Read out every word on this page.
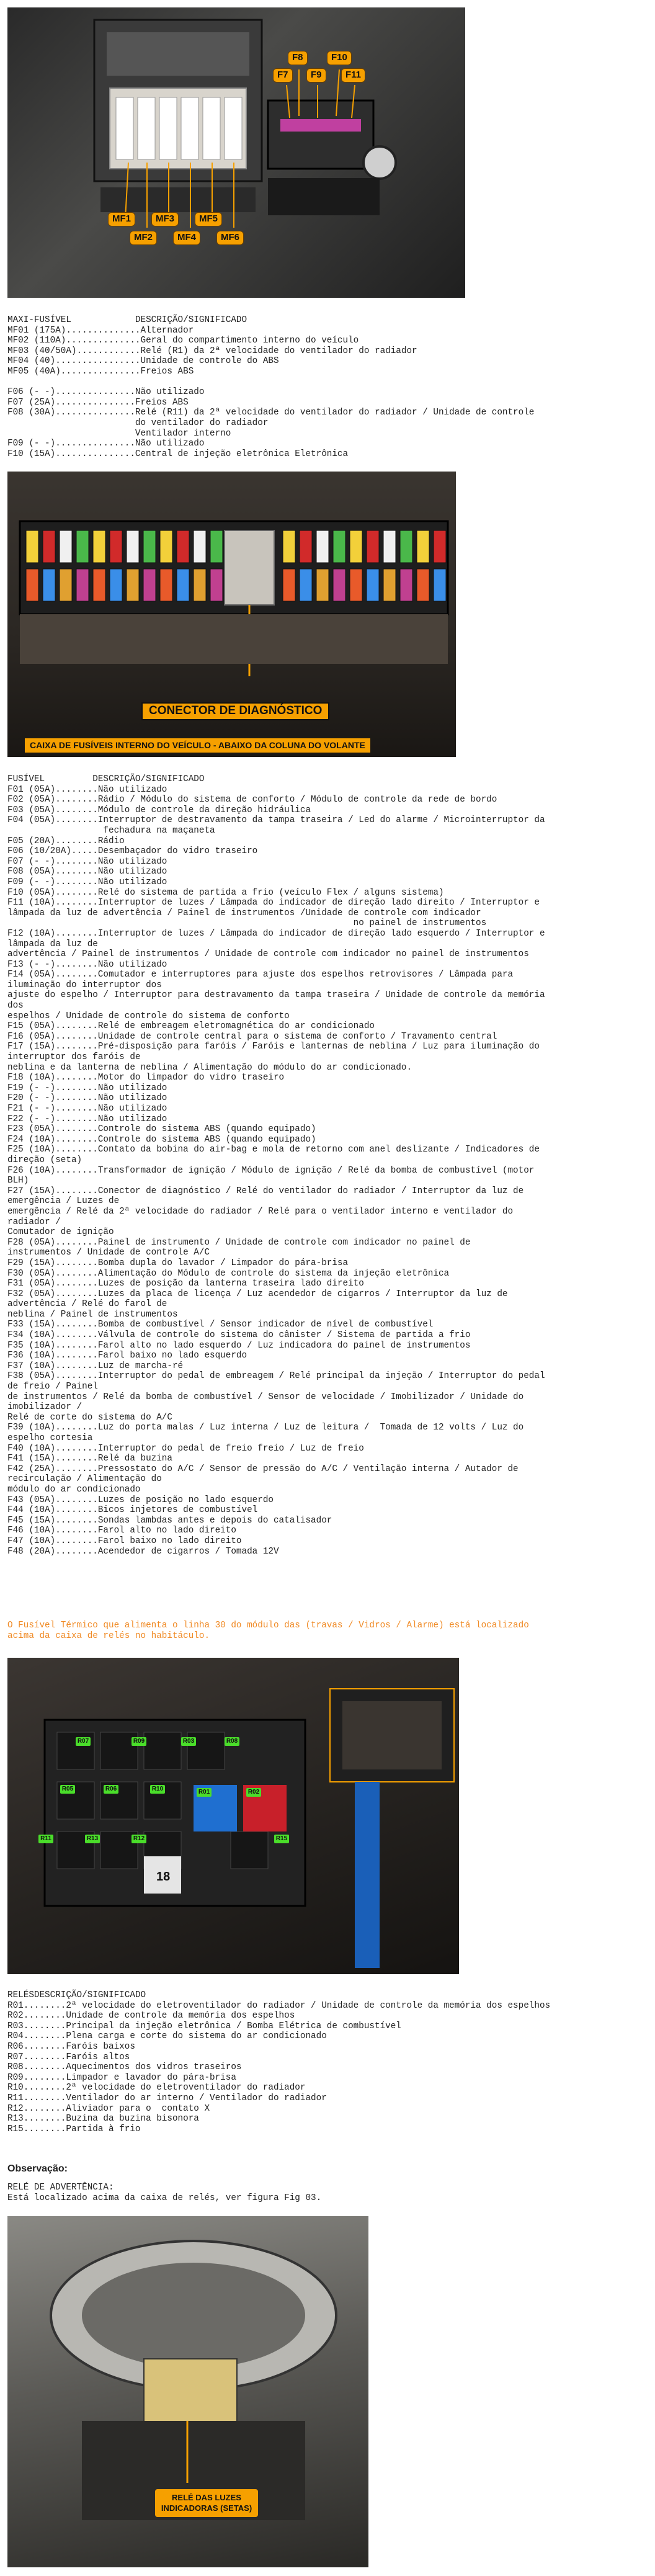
F8	F10
F7	F9	F11
MF1	MF3	MF5
MF2	MF4	MF6
MAXI-FUSÍVEL            DESCRIÇÃO/SIGNIFICADO
MF01 (175A)..............Alternador
MF02 (110A)..............Geral do compartimento interno do veículo
MF03 (40/50A)............Relé (R1) da 2ª velocidade do ventilador do radiador
MF04 (40)................Unidade de controle do ABS
MF05 (40A)...............Freios ABS

F06 (- -)...............Não utilizado
F07 (25A)...............Freios ABS
F08 (30A)...............Relé (R11) da 2ª velocidade do ventilador do radiador / Unidade de controle
do ventilador do radiador
Ventilador interno
F09 (- -)...............Não utilizado
F10 (15A)...............Central de injeção eletrônica Eletrônica
CONECTOR DE DIAGNÓSTICO
CAIXA DE FUSÍVEIS INTERNO DO VEÍCULO - ABAIXO DA COLUNA DO VOLANTE
FUSÍVEL         DESCRIÇÃO/SIGNIFICADO
F01 (05A)........Não utilizado
F02 (05A)........Rádio / Módulo do sistema de conforto / Módulo de controle da rede de bordo
F03 (05A)........Módulo de controle da direção hidráulica
F04 (05A)........Interruptor de destravamento da tampa traseira / Led do alarme / Microinterruptor da
fechadura na maçaneta
F05 (20A)........Rádio
F06 (10/20A).....Desembaçador do vidro traseiro
F07 (- -)........Não utilizado
F08 (05A)........Não utilizado
F09 (- -)........Não utilizado
F10 (05A)........Relé do sistema de partida a frio (veículo Flex / alguns sistema)
F11 (10A)........Interruptor de luzes / Lâmpada do indicador de direção lado direito / Interruptor e
lâmpada da luz de advertência / Painel de instrumentos /Unidade de controle com indicador
no painel de instrumentos
F12 (10A)........Interruptor de luzes / Lâmpada do indicador de direção lado esquerdo / Interruptor e
lâmpada da luz de
advertência / Painel de instrumentos / Unidade de controle com indicador no painel de instrumentos
F13 (- -)........Não utilizado
F14 (05A)........Comutador e interruptores para ajuste dos espelhos retrovisores / Lâmpada para
iluminação do interruptor dos
ajuste do espelho / Interruptor para destravamento da tampa traseira / Unidade de controle da memória
dos
espelhos / Unidade de controle do sistema de conforto
F15 (05A)........Relé de embreagem eletromagnética do ar condicionado
F16 (05A)........Unidade de controle central para o sistema de conforto / Travamento central
F17 (15A)........Pré-disposição para faróis / Faróis e lanternas de neblina / Luz para iluminação do
interruptor dos faróis de
neblina e da lanterna de neblina / Alimentação do módulo do ar condicionado.
F18 (10A)........Motor do limpador do vidro traseiro
F19 (- -)........Não utilizado
F20 (- -)........Não utilizado
F21 (- -)........Não utilizado
F22 (- -)........Não utilizado
F23 (05A)........Controle do sistema ABS (quando equipado)
F24 (10A)........Controle do sistema ABS (quando equipado)
F25 (10A)........Contato da bobina do air-bag e mola de retorno com anel deslizante / Indicadores de
direção (seta)
F26 (10A)........Transformador de ignição / Módulo de ignição / Relé da bomba de combustível (motor
BLH)
F27 (15A)........Conector de diagnóstico / Relé do ventilador do radiador / Interruptor da luz de
emergência / Luzes de
emergência / Relé da 2ª velocidade do radiador / Relé para o ventilador interno e ventilador do
radiador /
Comutador de ignição
F28 (05A)........Painel de instrumento / Unidade de controle com indicador no painel de
instrumentos / Unidade de controle A/C
F29 (15A)........Bomba dupla do lavador / Limpador do pára-brisa
F30 (05A)........Alimentação do Módulo de controle do sistema da injeção eletrônica
F31 (05A)........Luzes de posição da lanterna traseira lado direito
F32 (05A)........Luzes da placa de licença / Luz acendedor de cigarros / Interruptor da luz de
advertência / Relé do farol de
neblina / Painel de instrumentos
F33 (15A)........Bomba de combustível / Sensor indicador de nível de combustível
F34 (10A)........Válvula de controle do sistema do cânister / Sistema de partida a frio
F35 (10A)........Farol alto no lado esquerdo / Luz indicadora do painel de instrumentos
F36 (10A)........Farol baixo no lado esquerdo
F37 (10A)........Luz de marcha-ré
F38 (05A)........Interruptor do pedal de embreagem / Relé principal da injeção / Interruptor do pedal
de freio / Painel
de instrumentos / Relé da bomba de combustível / Sensor de velocidade / Imobilizador / Unidade do
imobilizador /
Relé de corte do sistema do A/C
F39 (10A)........Luz do porta malas / Luz interna / Luz de leitura /  Tomada de 12 volts / Luz do
espelho cortesia
F40 (10A)........Interruptor do pedal de freio freio / Luz de freio
F41 (15A)........Relé da buzina
F42 (25A)........Pressostato do A/C / Sensor de pressão do A/C / Ventilação interna / Autador de
recirculação / Alimentação do
módulo do ar condicionado
F43 (05A)........Luzes de posição no lado esquerdo
F44 (10A)........Bicos injetores de combustível
F45 (15A)........Sondas lambdas antes e depois do catalisador
F46 (10A)........Farol alto no lado direito
F47 (10A)........Farol baixo no lado direito
F48 (20A)........Acendedor de cigarros / Tomada 12V
O Fusível Térmico que alimenta o linha 30 do módulo das (travas / Vidros / Alarme) está localizado
acima da caixa de relés no habitáculo.
R07	R09	R03	R08
R05	R06	R10	R01	R02
R11	R13	R12	R15
18
RELÉSDESCRIÇÃO/SIGNIFICADO
R01........2ª velocidade do eletroventilador do radiador / Unidade de controle da memória dos espelhos
R02........Unidade de controle da memória dos espelhos
R03........Principal da injeção eletrônica / Bomba Elétrica de combustível
R04........Plena carga e corte do sistema do ar condicionado
R06........Faróis baixos
R07........Faróis altos
R08........Aquecimentos dos vidros traseiros
R09........Limpador e lavador do pára-brisa
R10........2ª velocidade do eletroventilador do radiador
R11........Ventilador do ar interno / Ventilador do radiador
R12........Aliviador para o  contato X
R13........Buzina da buzina bisonora
R15........Partida à frio
Observação:
RELÉ DE ADVERTÊNCIA:
Está localizado acima da caixa de relés, ver figura Fig 03.
RELÉ DAS LUZES INDICADORAS (SETAS)
